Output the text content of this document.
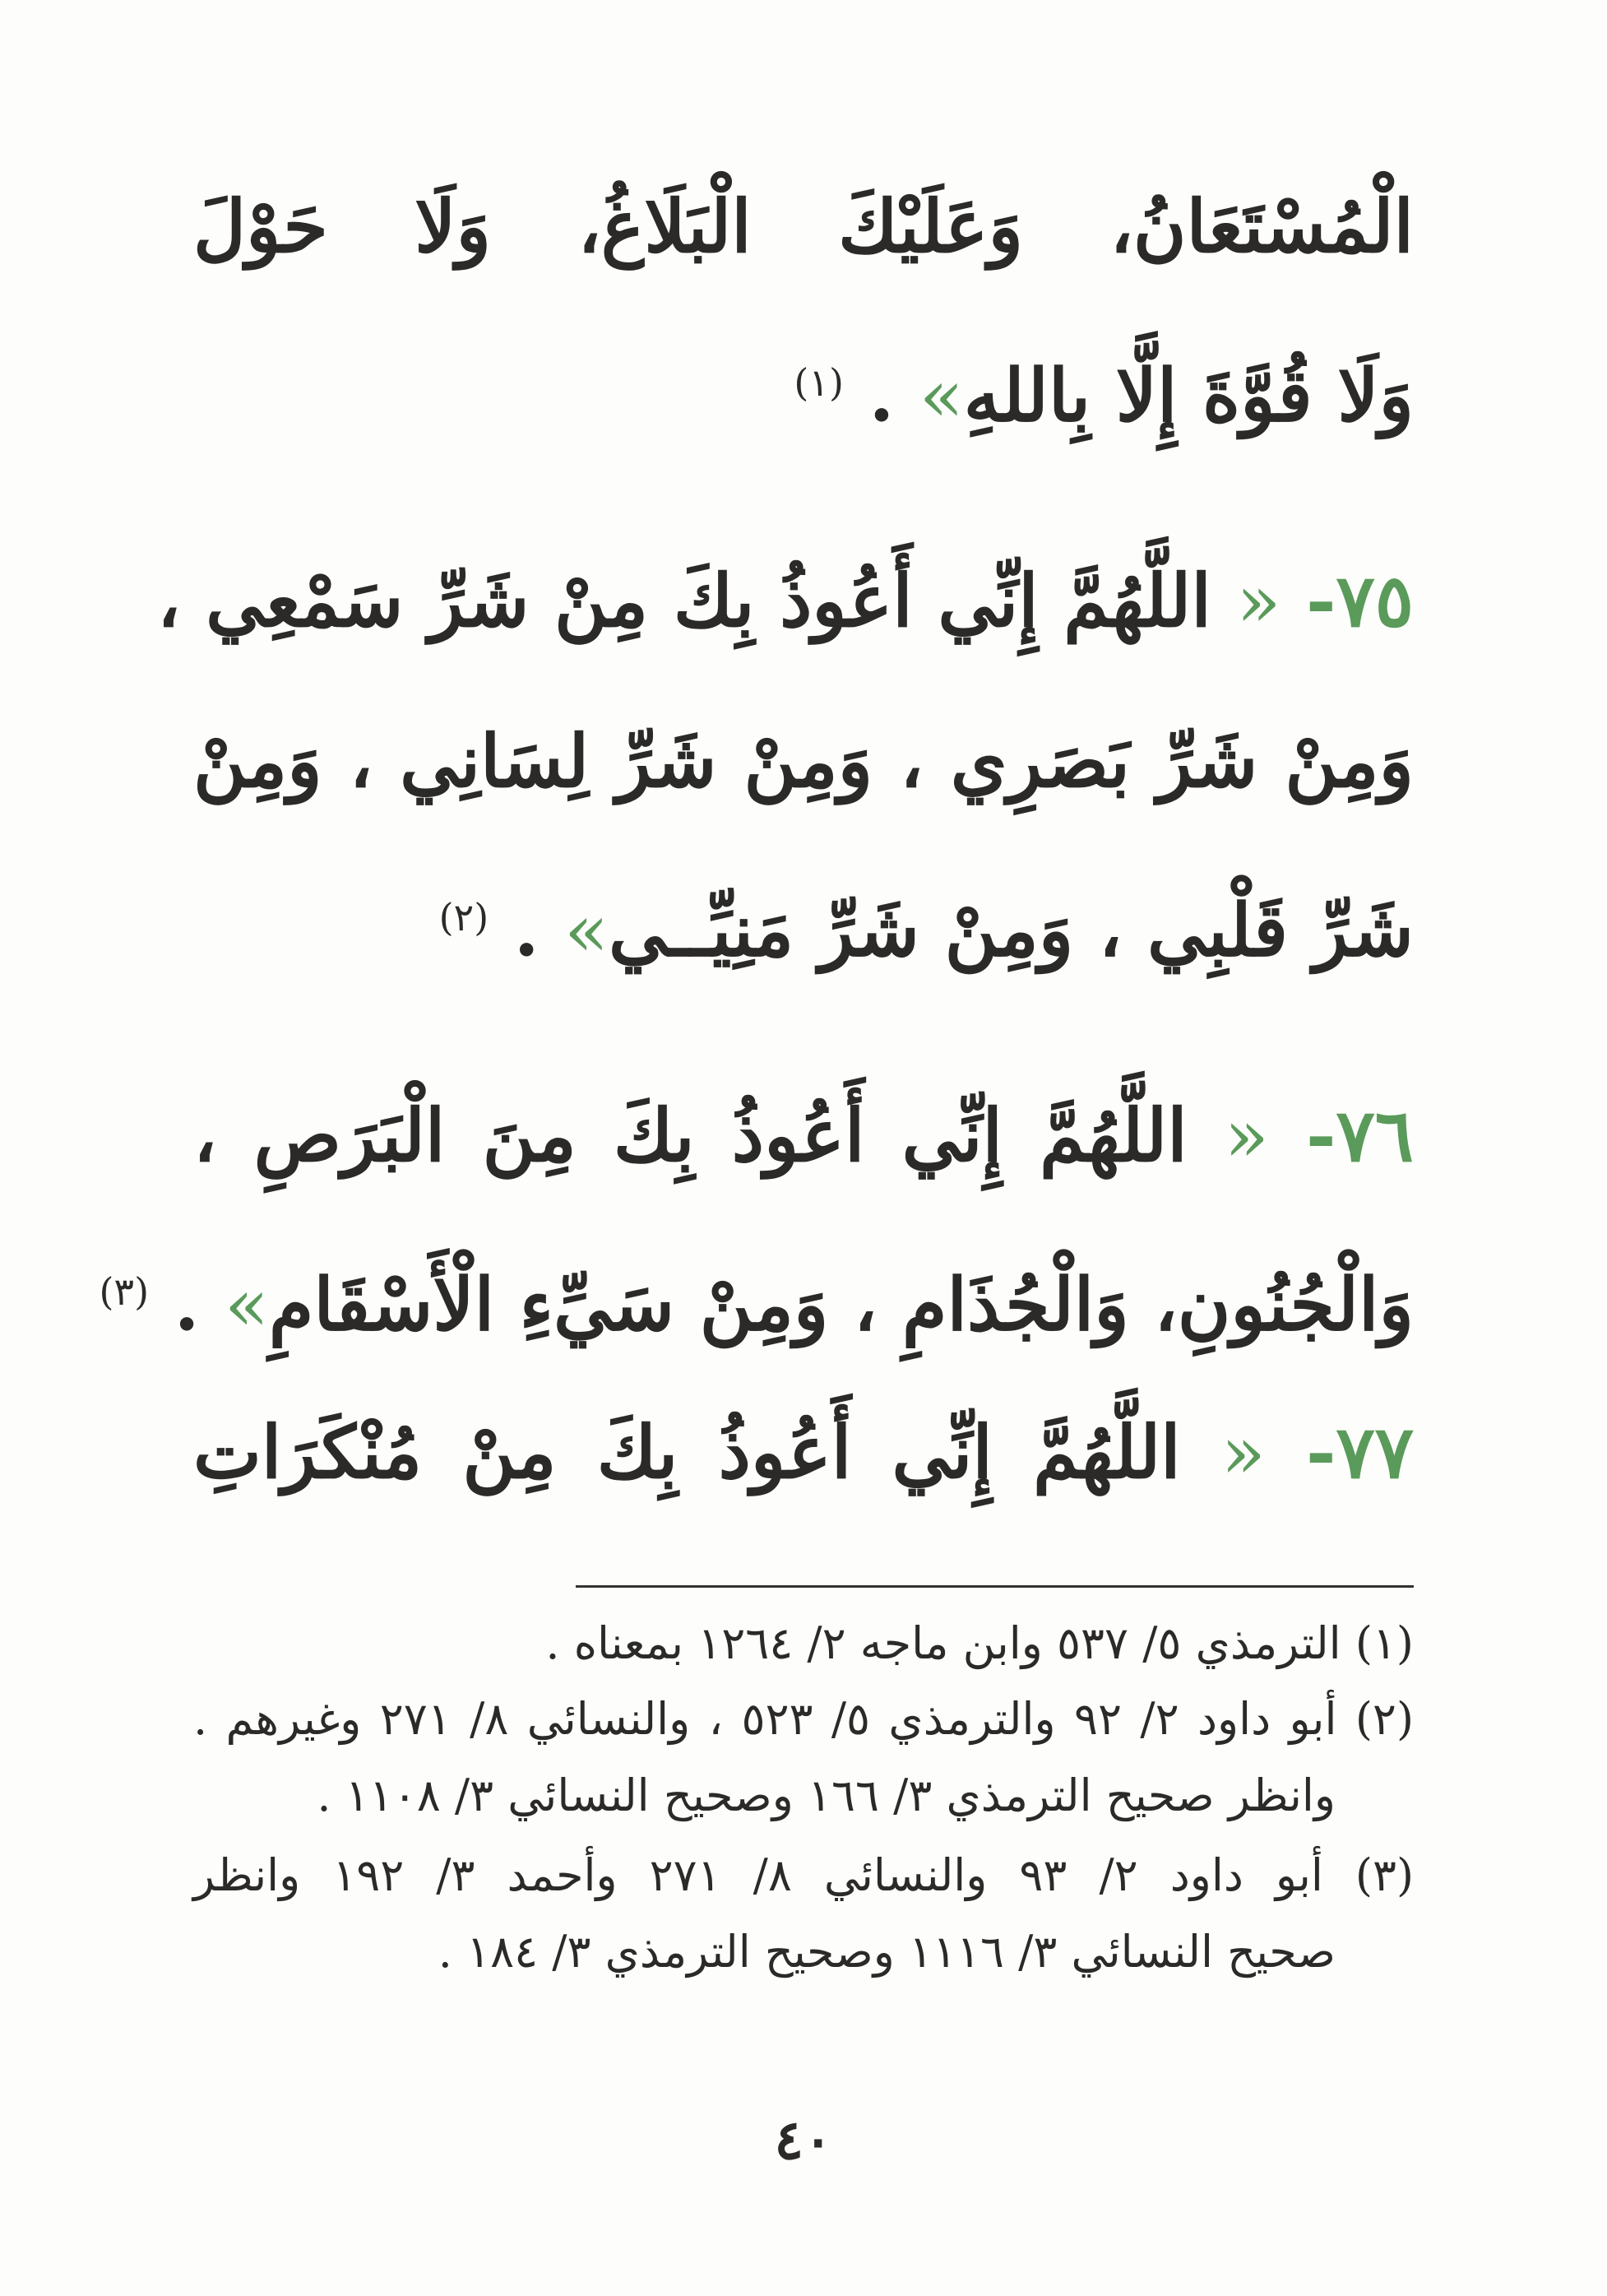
الْمُسْتَعَانُ، وَعَلَيْكَ الْبَلَاغُ، وَلَا حَوْلَ
وَلَا قُوَّةَ إِلَّا بِاللهِ» . $^{(١)}$
٧٥- « اللَّهُمَّ إِنِّي أَعُوذُ بِكَ مِنْ شَرِّ سَمْعِي ،
وَمِنْ شَرِّ بَصَرِي ، وَمِنْ شَرِّ لِسَانِي ، وَمِنْ
شَرِّ قَلْبِي ، وَمِنْ شَرِّ مَنِيِّــي» . $^{(٢)}$
٧٦- « اللَّهُمَّ إِنِّي أَعُوذُ بِكَ مِنَ الْبَرَصِ ،
وَالْجُنُونِ، وَالْجُذَامِ ، وَمِنْ سَيِّءِ الْأَسْقَامِ» . $^{(٣)}$
٧٧- « اللَّهُمَّ إِنِّي أَعُوذُ بِكَ مِنْ مُنْكَرَاتِ
(١) الترمذي ٥/ ٥٣٧ وابن ماجه ٢/ ١٢٦٤ بمعناه .
(٢) أبو داود ٢/ ٩٢ والترمذي ٥/ ٥٢٣ ، والنسائي ٨/ ٢٧١ وغيرهم .
وانظر صحيح الترمذي ٣/ ١٦٦ وصحيح النسائي ٣/ ١١٠٨ .
(٣) أبو داود ٢/ ٩٣ والنسائي ٨/ ٢٧١ وأحمد ٣/ ١٩٢ وانظر
صحيح النسائي ٣/ ١١١٦ وصحيح الترمذي ٣/ ١٨٤ .
٤٠
